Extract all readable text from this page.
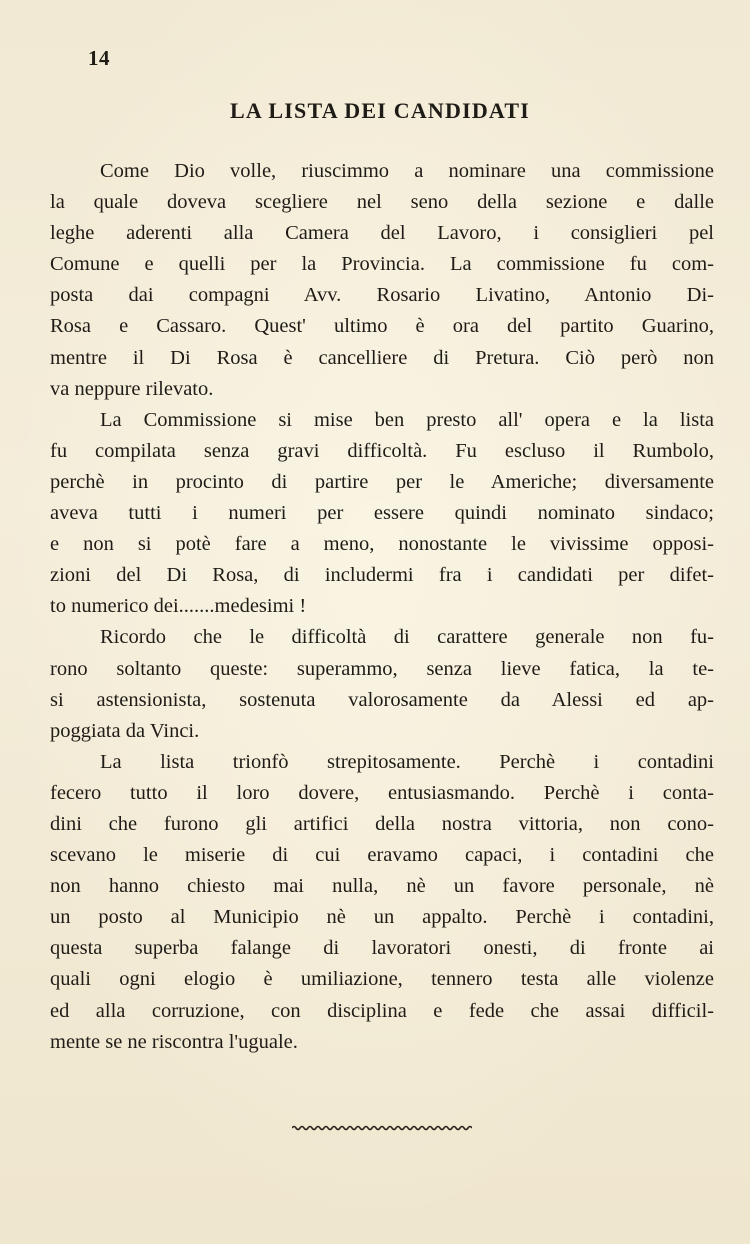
14
LA LISTA DEI CANDIDATI
Come Dio volle, riuscimmo a nominare una commissione
la quale doveva scegliere nel seno della sezione e dalle
leghe aderenti alla Camera del Lavoro, i consiglieri pel
Comune e quelli per la Provincia. La commissione fu com-
posta dai compagni Avv. Rosario Livatino, Antonio Di-
Rosa e Cassaro. Quest' ultimo è ora del partito Guarino,
mentre il Di Rosa è cancelliere di Pretura. Ciò però non
va neppure rilevato.
La Commissione si mise ben presto all' opera e la lista
fu compilata senza gravi difficoltà. Fu escluso il Rumbolo,
perchè in procinto di partire per le Americhe; diversamente
aveva tutti i numeri per essere quindi nominato sindaco;
e non si potè fare a meno, nonostante le vivissime opposi-
zioni del Di Rosa, di includermi fra i candidati per difet-
to numerico dei.......medesimi !
Ricordo che le difficoltà di carattere generale non fu-
rono soltanto queste: superammo, senza lieve fatica, la te-
si astensionista, sostenuta valorosamente da Alessi ed ap-
poggiata da Vinci.
La lista trionfò strepitosamente. Perchè i contadini
fecero tutto il loro dovere, entusiasmando. Perchè i conta-
dini che furono gli artifici della nostra vittoria, non cono-
scevano le miserie di cui eravamo capaci, i contadini che
non hanno chiesto mai nulla, nè un favore personale, nè
un posto al Municipio nè un appalto. Perchè i contadini,
questa superba falange di lavoratori onesti, di fronte ai
quali ogni elogio è umiliazione, tennero testa alle violenze
ed alla corruzione, con disciplina e fede che assai difficil-
mente se ne riscontra l'uguale.
